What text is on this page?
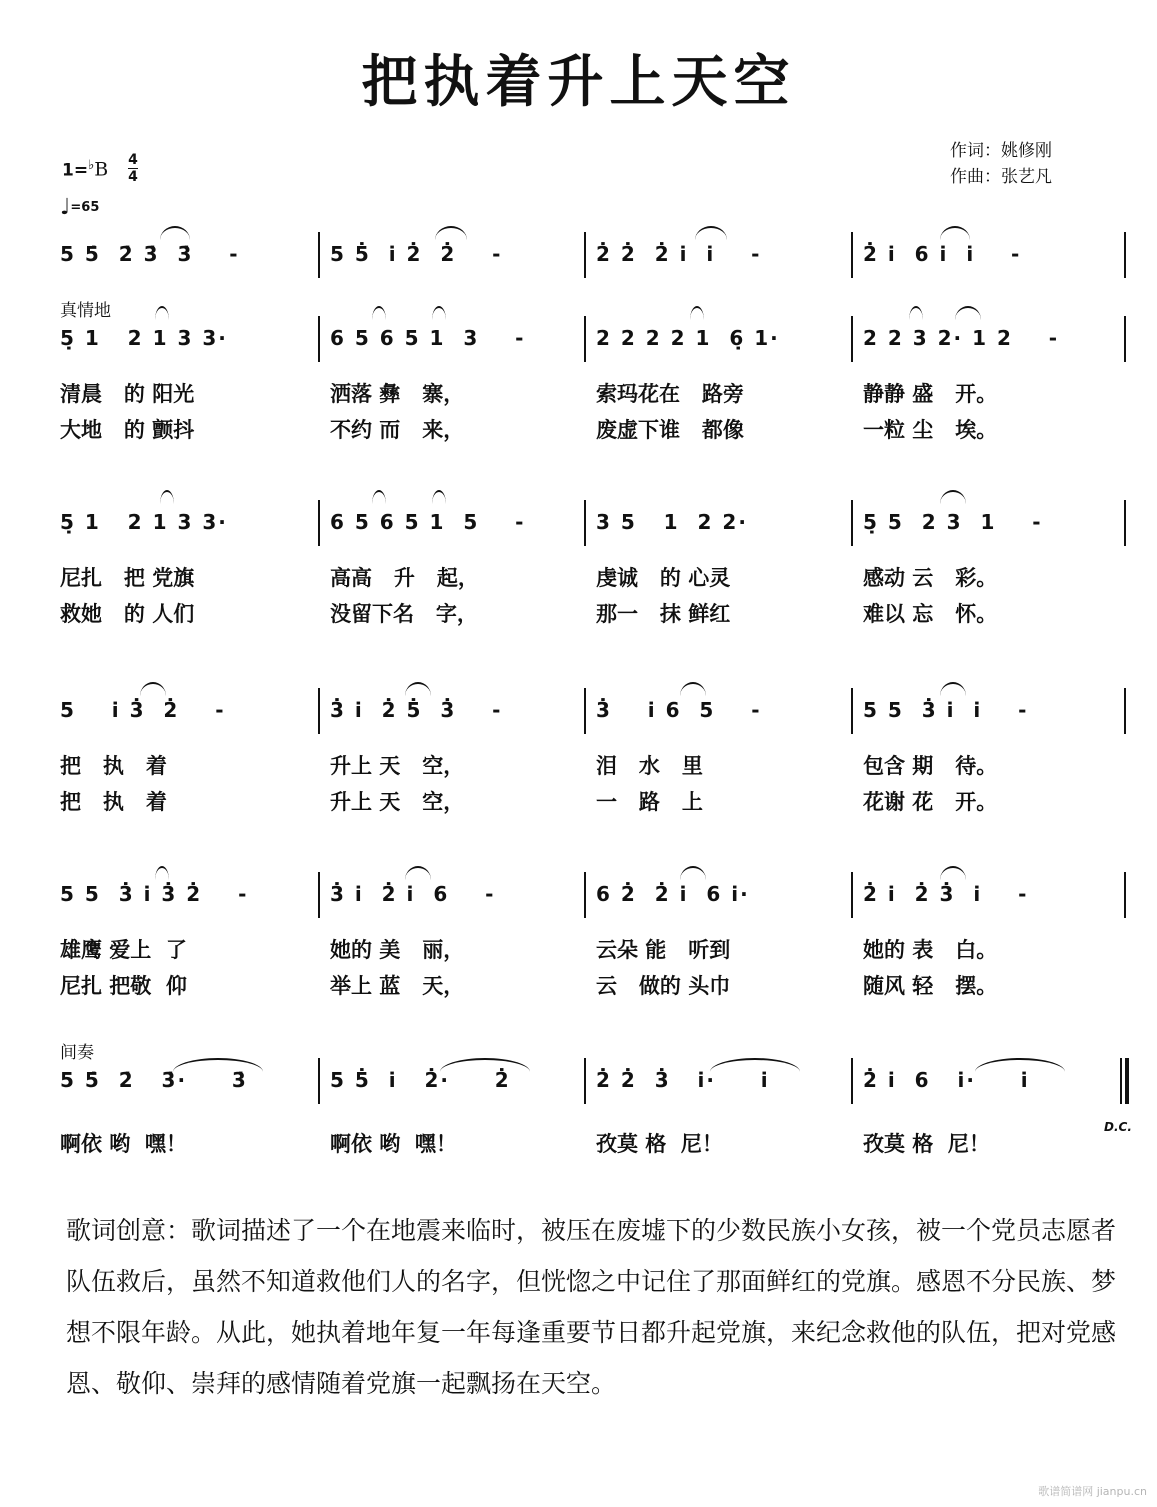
把执着升上天空
作词：姚修刚
作曲：张艺凡
1=♭B 4
4
♩=65
5 5̇  2̇ 3̇  3̇    -	5 5̇  i̇ 2̇  2̇    -	2̇ 2̇  2̇ i̇  i̇    -	2̇ i̇  6 i̇  i̇    -
真情地
5̣ 1   2 1 3 3·	6 5 6 5 1  3    -	2 2 2 2 1  6̣ 1·	2 2 3 2· 1 2    -
清晨   的 阳光	洒落 彝   寨，	索玛花在   路旁	静静 盛   开。
大地   的 颤抖	不约 而   来，	废虚下谁   都像	一粒 尘   埃。
5̣ 1   2 1 3 3·	6 5 6 5 1  5    -	3 5   1  2 2·	5̣ 5  2 3  1    -
尼扎   把 党旗	高高   升   起，	虔诚   的 心灵	感动 云   彩。
救她   的 人们	没留下名   字，	那一   抹 鲜红	难以 忘   怀。
5    i̇ 3̇  2̇    -	3̇ i̇  2̇ 5̇  3̇    -	3̇    i̇ 6  5    -	5 5  3̇ i̇  i̇    -
把   执   着	升上 天   空，	泪   水   里	包含 期   待。
把   执   着	升上 天   空，	一   路   上	花谢 花   开。
5 5  3̇ i̇ 3̇ 2̇    -	3̇ i̇  2̇ i̇  6    -	6 2̇  2̇ i̇  6 i̇·	2̇ i̇  2̇ 3̇  i̇    -
雄鹰 爱上  了	她的 美   丽，	云朵 能   听到	她的 表   白。
尼扎 把敬  仰	举上 蓝   天，	云   做的 头巾	随风 轻   摆。
间奏
5 5̇  2̇   3̇·     3̇	5 5̇  i̇   2̇·     2̇	2̇ 2̇  3̇   i̇·     i̇	2̇ i̇  6   i̇·     i̇
啊依 哟  嘿！	啊依 哟  嘿！	孜莫 格  尼！	孜莫 格  尼！
D.C.
歌词创意：歌词描述了一个在地震来临时，被压在废墟下的少数民族小女孩，被一个党员志愿者队伍救后，虽然不知道救他们人的名字，但恍惚之中记住了那面鲜红的党旗。感恩不分民族、梦想不限年龄。从此，她执着地年复一年每逢重要节日都升起党旗，来纪念救他的队伍，把对党感恩、敬仰、崇拜的感情随着党旗一起飘扬在天空。
歌谱简谱网 jianpu.cn
